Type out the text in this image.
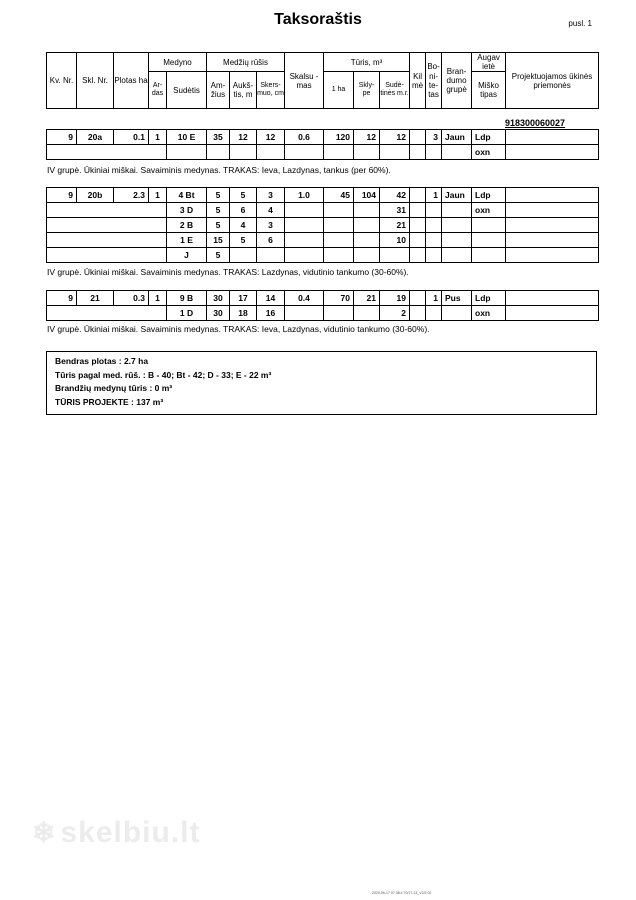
Taksoraštis	pusl. 1
Kv. Nr.	Skl. Nr.	Plotas ha	Medyno		Medžių rūšis			Skalsu -mas	Tūris, m³			Kil mė	Bo- ni- te- tas	Bran- dumo grupė	Augav ietė	Projektuojamos ūkinės priemonės
			Ar- das	Sudėtis	Am- žius	Aukš- tis, m	Skers- muo, cm		1 ha	Skly- pe	Sudė- tinės m.r.				Miško tipas	
918300060027
9	20a	0.1	1	10 E	35	12	12	0.6	120	12	12		3	Jaun	Ldp	
															oxn	
IV grupė. Ūkiniai miškai. Savaiminis medynas. TRAKAS: Ieva, Lazdynas, tankus (per 60%).
9	20b	2.3	1	4 Bt	5	5	3	1.0	45	104	42		1	Jaun	Ldp	
				3 D	5	6	4				31				oxn	
				2 B	5	4	3				21					
				1 E	15	5	6				10					
				J	5											
IV grupė. Ūkiniai miškai. Savaiminis medynas. TRAKAS: Lazdynas, vidutinio tankumo (30-60%).
9	21	0.3	1	9 B	30	17	14	0.4	70	21	19		1	Pus	Ldp	
				1 D	30	18	16				2				oxn	
IV grupė. Ūkiniai miškai. Savaiminis medynas. TRAKAS: Ieva, Lazdynas, vidutinio tankumo (30-60%).
Bendras plotas : 2.7 ha
Tūris pagal med. rūš. : B - 40; Bt - 42; D - 33; E - 22 m³
Brandžių medynų tūris : 0 m³
TŪRIS PROJEKTE : 137 m³
❄ skelbiu.lt
2020-06-17 07:38:4 70/17-13_V2/3 02
